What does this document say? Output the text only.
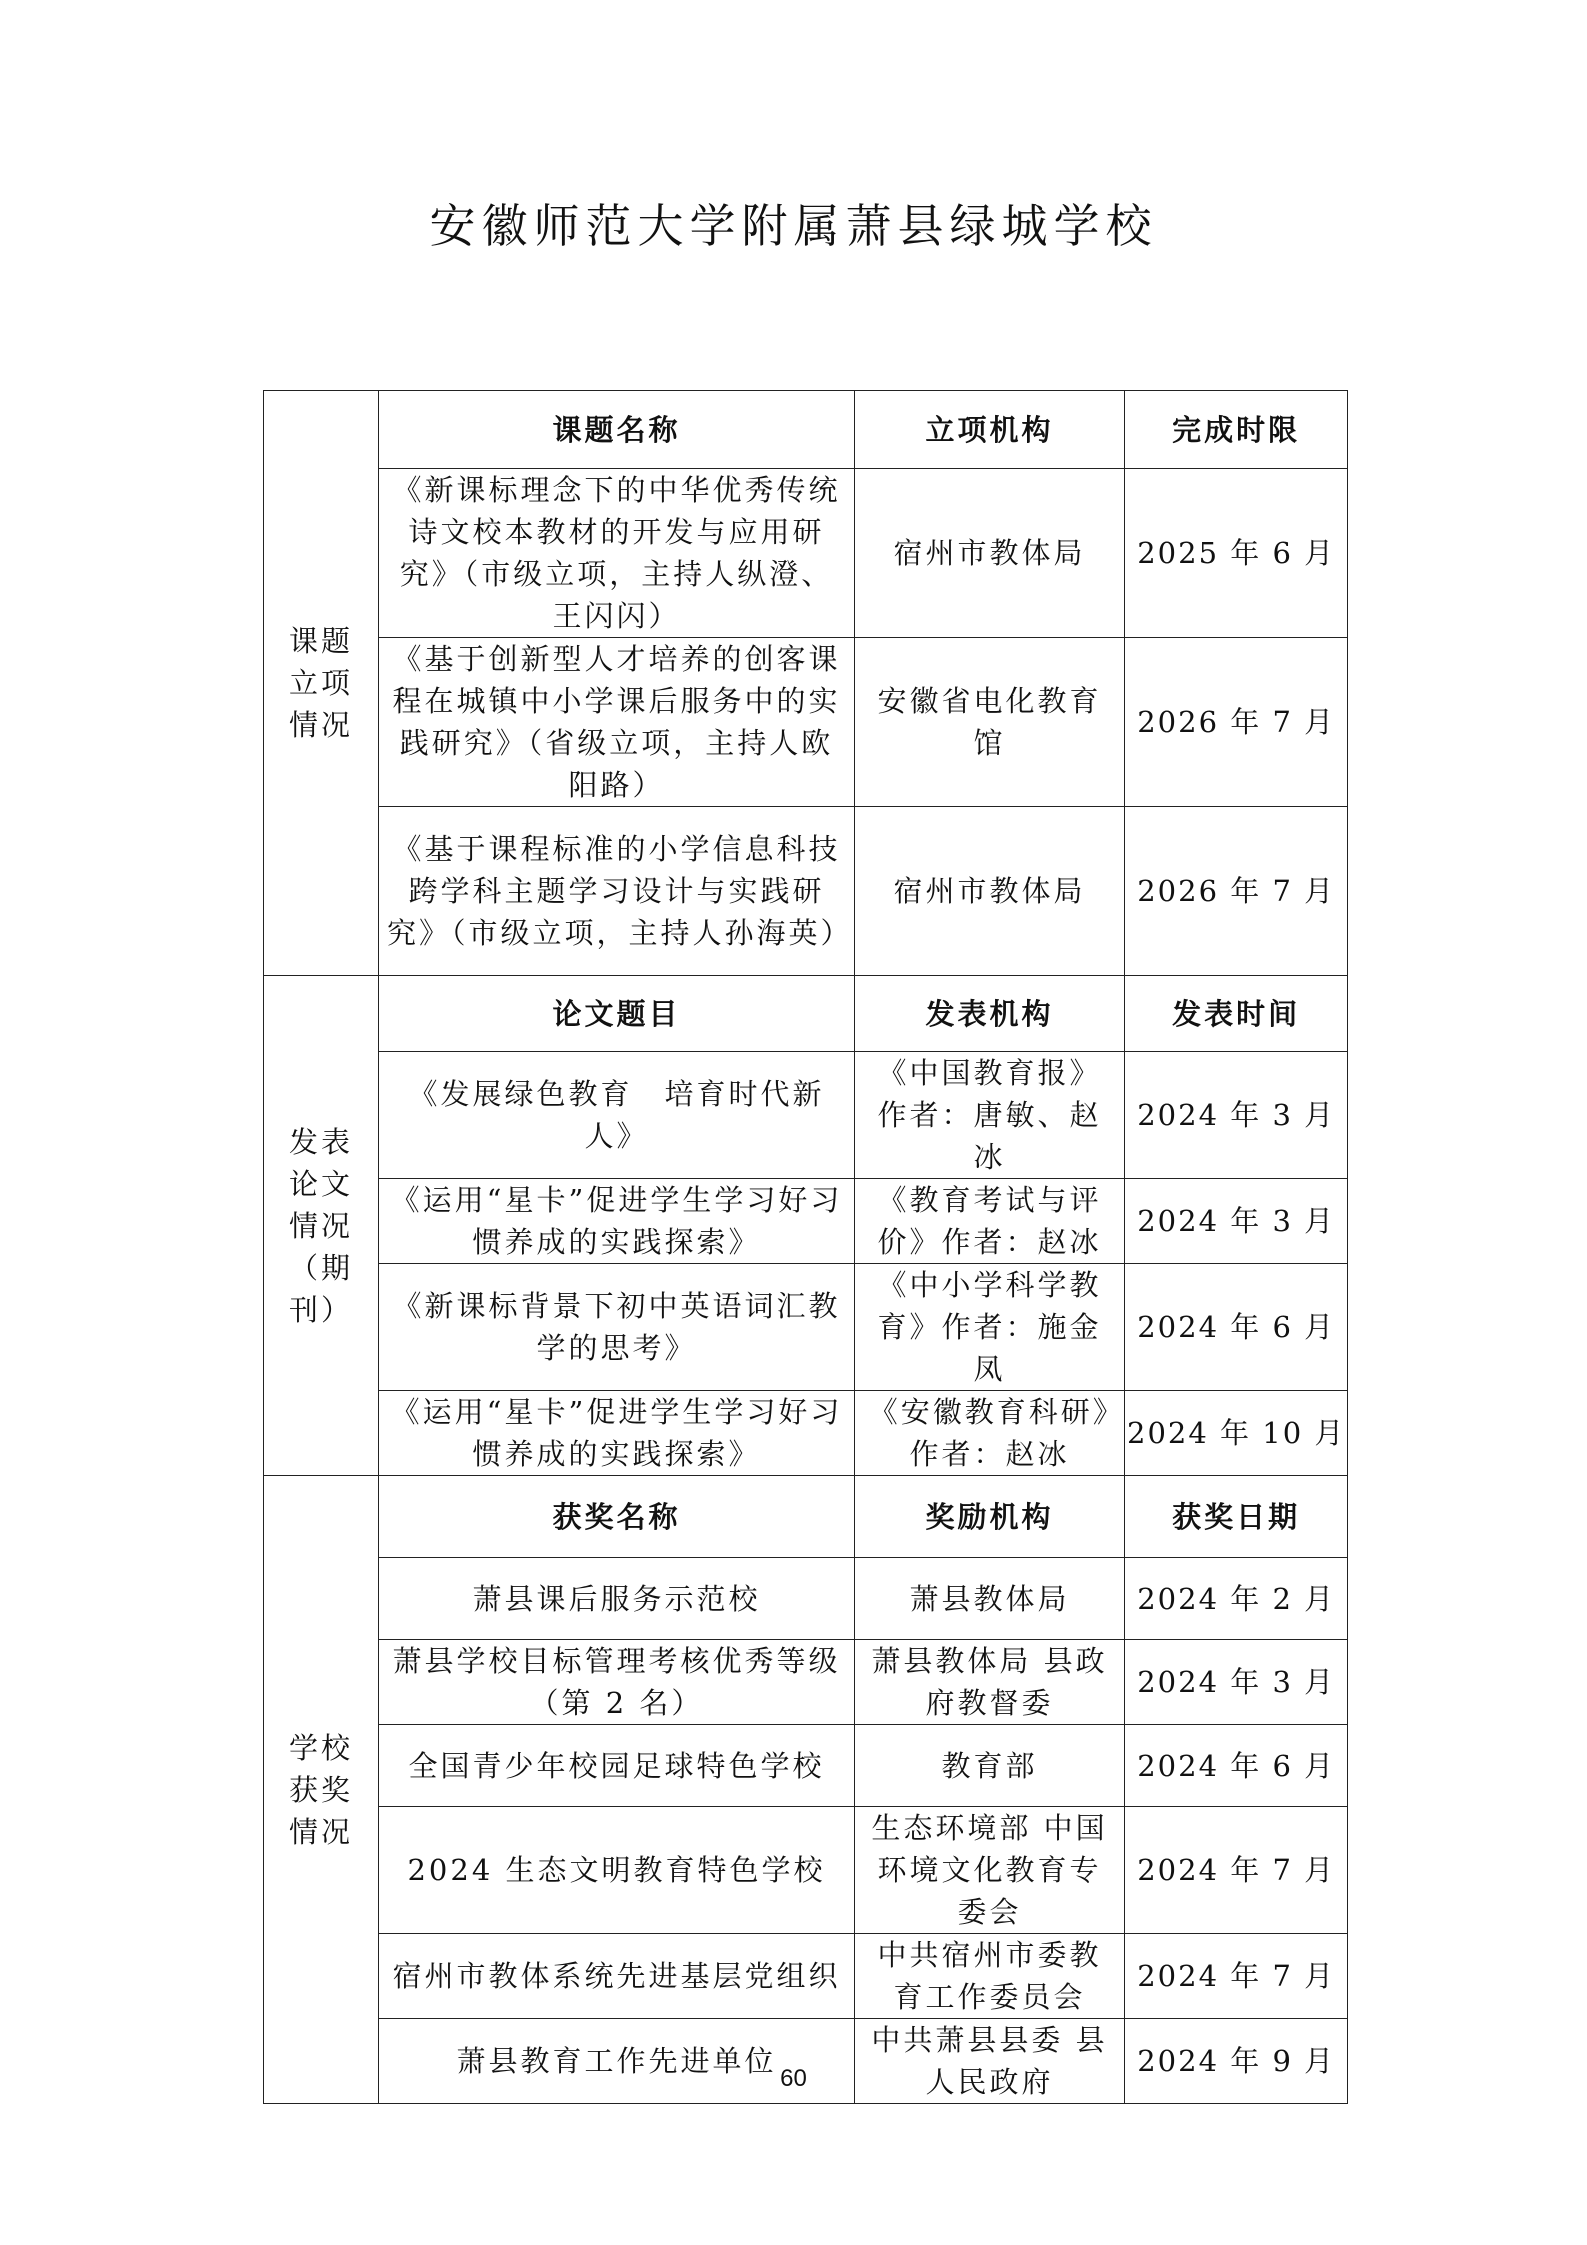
安徽师范大学附属萧县绿城学校
课题
立项
情况	课题名称	立项机构	完成时限
	《新课标理念下的中华优秀传统诗文校本教材的开发与应用研究》（市级立项，主持人纵澄、王闪闪）	宿州市教体局	2025 年 6 月
	《基于创新型人才培养的创客课程在城镇中小学课后服务中的实践研究》（省级立项，主持人欧阳路）	安徽省电化教育馆	2026 年 7 月
	《基于课程标准的小学信息科技跨学科主题学习设计与实践研究》（市级立项，主持人孙海英）	宿州市教体局	2026 年 7 月
发表
论文
情况
（期
刊）	论文题目	发表机构	发表时间
	《发展绿色教育　培育时代新人》	《中国教育报》作者：唐敏、赵冰	2024 年 3 月
	《运用“星卡”促进学生学习好习惯养成的实践探索》	《教育考试与评价》作者：赵冰	2024 年 3 月
	《新课标背景下初中英语词汇教学的思考》	《中小学科学教育》作者：施金凤	2024 年 6 月
	《运用“星卡”促进学生学习好习惯养成的实践探索》	《安徽教育科研》作者：赵冰	2024 年 10 月
学校
获奖
情况	获奖名称	奖励机构	获奖日期
	萧县课后服务示范校	萧县教体局	2024 年 2 月
	萧县学校目标管理考核优秀等级（第 2 名）	萧县教体局 县政府教督委	2024 年 3 月
	全国青少年校园足球特色学校	教育部	2024 年 6 月
	2024 生态文明教育特色学校	生态环境部 中国环境文化教育专委会	2024 年 7 月
	宿州市教体系统先进基层党组织	中共宿州市委教育工作委员会	2024 年 7 月
	萧县教育工作先进单位	中共萧县县委 县人民政府	2024 年 9 月
60
